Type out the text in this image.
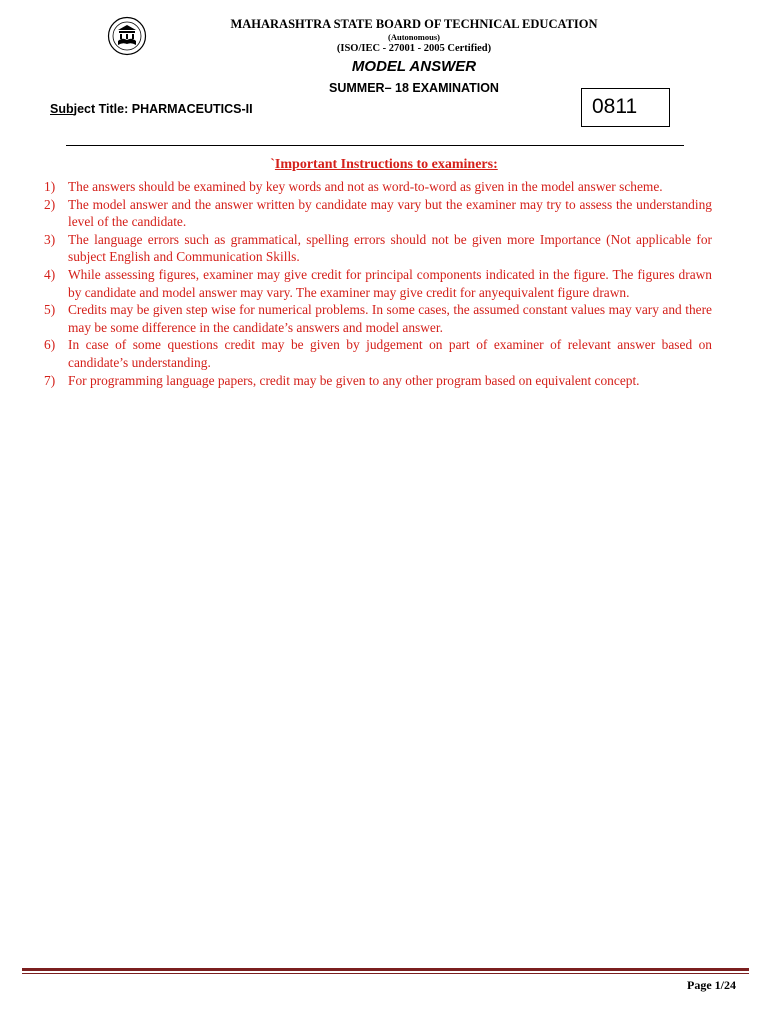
MAHARASHTRA STATE BOARD OF TECHNICAL EDUCATION
(Autonomous)
(ISO/IEC - 27001 - 2005 Certified)
MODEL ANSWER
SUMMER– 18 EXAMINATION
Subject Title: PHARMACEUTICS-II	0811
`Important Instructions to examiners:
1) The answers should be examined by key words and not as word-to-word as given in the model answer scheme.
2) The model answer and the answer written by candidate may vary but the examiner may try to assess the understanding level of the candidate.
3) The language errors such as grammatical, spelling errors should not be given more Importance (Not applicable for subject English and Communication Skills.
4) While assessing figures, examiner may give credit for principal components indicated in the figure. The figures drawn by candidate and model answer may vary. The examiner may give credit for anyequivalent figure drawn.
5) Credits may be given step wise for numerical problems. In some cases, the assumed constant values may vary and there may be some difference in the candidate’s answers and model answer.
6) In case of some questions credit may be given by judgement on part of examiner of relevant answer based on candidate’s understanding.
7) For programming language papers, credit may be given to any other program based on equivalent concept.
Page 1/24
